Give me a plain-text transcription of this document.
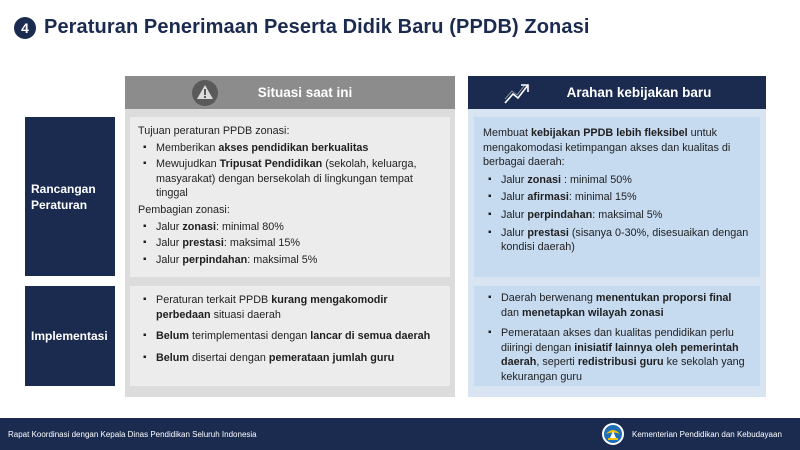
4 Peraturan Penerimaan Peserta Didik Baru (PPDB) Zonasi
Situasi saat ini	Arahan kebijakan baru
Rancangan
Peraturan
Implementasi
Tujuan peraturan PPDB zonasi:
▪ Memberikan akses pendidikan berkualitas
▪ Mewujudkan Tripusat Pendidikan (sekolah, keluarga, masyarakat) dengan bersekolah di lingkungan tempat tinggal
Pembagian zonasi:
▪ Jalur zonasi: minimal 80%
▪ Jalur prestasi: maksimal 15%
▪ Jalur perpindahan: maksimal 5%
▪ Peraturan terkait PPDB kurang mengakomodir perbedaan situasi daerah
▪ Belum terimplementasi dengan lancar di semua daerah
▪ Belum disertai dengan pemerataan jumlah guru
Membuat kebijakan PPDB lebih fleksibel untuk mengakomodasi ketimpangan akses dan kualitas di berbagai daerah:
▪ Jalur zonasi : minimal 50%
▪ Jalur afirmasi: minimal 15%
▪ Jalur perpindahan: maksimal 5%
▪ Jalur prestasi (sisanya 0-30%, disesuaikan dengan kondisi daerah)
▪ Daerah berwenang menentukan proporsi final dan menetapkan wilayah zonasi
▪ Pemerataan akses dan kualitas pendidikan perlu diiringi dengan inisiatif lainnya oleh pemerintah daerah, seperti redistribusi guru ke sekolah yang kekurangan guru
Rapat Koordinasi dengan Kepala Dinas Pendidikan Seluruh Indonesia	Kementerian Pendidikan dan Kebudayaan
